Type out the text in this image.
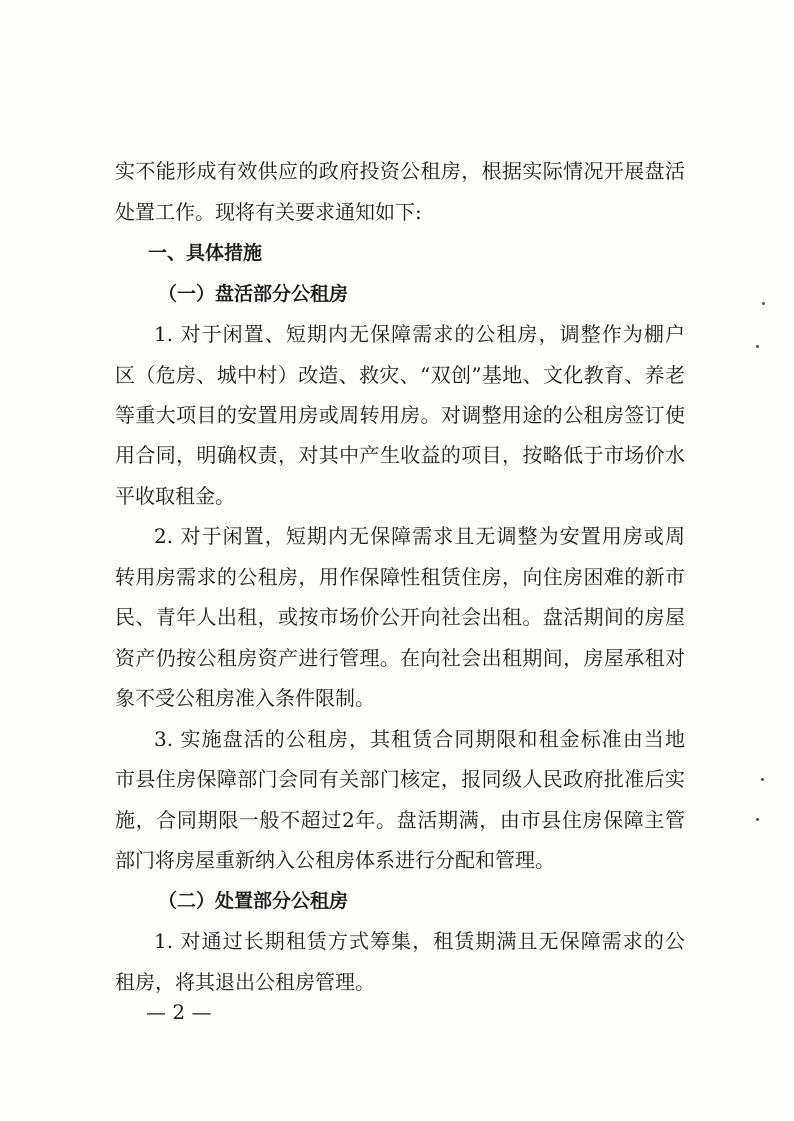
实不能形成有效供应的政府投资公租房，根据实际情况开展盘活
处置工作。现将有关要求通知如下:
一、具体措施
（一）盘活部分公租房
1. 对于闲置、短期内无保障需求的公租房，调整作为棚户
区（危房、城中村）改造、救灾、“双创”基地、文化教育、养老
等重大项目的安置用房或周转用房。对调整用途的公租房签订使
用合同，明确权责，对其中产生收益的项目，按略低于市场价水
平收取租金。
2. 对于闲置，短期内无保障需求且无调整为安置用房或周
转用房需求的公租房，用作保障性租赁住房，向住房困难的新市
民、青年人出租，或按市场价公开向社会出租。盘活期间的房屋
资产仍按公租房资产进行管理。在向社会出租期间，房屋承租对
象不受公租房准入条件限制。
3. 实施盘活的公租房，其租赁合同期限和租金标准由当地
市县住房保障部门会同有关部门核定，报同级人民政府批准后实
施，合同期限一般不超过2年。盘活期满，由市县住房保障主管
部门将房屋重新纳入公租房体系进行分配和管理。
（二）处置部分公租房
1. 对通过长期租赁方式筹集，租赁期满且无保障需求的公
租房，将其退出公租房管理。
— 2 —
